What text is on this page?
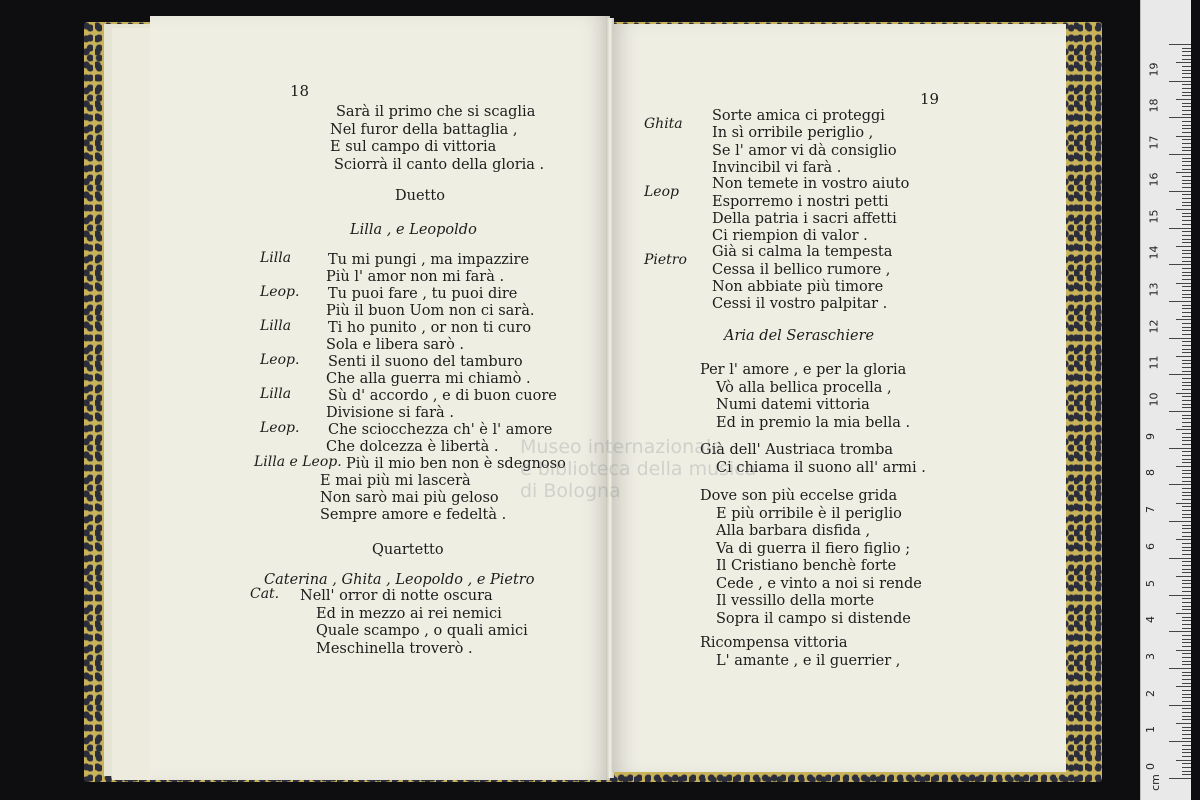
18
Sarà il primo che si scaglia
Nel furor della battaglia ,
E sul campo di vittoria
Sciorrà il canto della gloria .
Duetto
Lilla , e Leopoldo
Lilla	Tu mi pungi , ma impazzire
Più l' amor non mi farà .
Leop. Tu puoi fare , tu puoi dire
Più il buon Uom non ci sarà.
Lilla	Ti ho punito , or non ti curo
Sola e libera sarò .
Leop. Senti il suono del tamburo
Che alla guerra mi chiamò .
Lilla	Sù d' accordo , e di buon cuore
Divisione si farà .
Leop. Che sciocchezza ch' è l' amore
Che dolcezza è libertà .
Lilla e Leop. Più il mio ben non è sdegnoso
E mai più mi lascerà
Non sarò mai più geloso
Sempre amore e fedeltà .
Quartetto
Caterina , Ghita , Leopoldo , e Pietro
Cat. Nell' orror di notte oscura
Ed in mezzo ai rei nemici
Quale scampo , o quali amici
Meschinella troverò .
19
Ghita Sorte amica ci proteggi
In sì orribile periglio ,
Se l' amor vi dà consiglio
Invincibil vi farà .
Leop Non temete in vostro aiuto
Esporremo i nostri petti
Della patria i sacri affetti
Ci riempion di valor .
Pietro Già si calma la tempesta
Cessa il bellico rumore ,
Non abbiate più timore
Cessi il vostro palpitar .
Aria del Seraschiere
Per l' amore , e per la gloria
Vò alla bellica procella ,
Numi datemi vittoria
Ed in premio la mia bella .
Già dell' Austriaca tromba
Ci chiama il suono all' armi .
Dove son più eccelse grida
E più orribile è il periglio
Alla barbara disfida ,
Va di guerra il fiero figlio ;
Il Cristiano benchè forte
Cede , e vinto a noi si rende
Il vessillo della morte
Sopra il campo si distende
Ricompensa vittoria
L' amante , e il guerrier ,
0
1
2
3
4
5
6
7
8
9
10
11
12
13
14
15
16
17
18
19
cm
Museo internazionale
e biblioteca della musica
di Bologna
